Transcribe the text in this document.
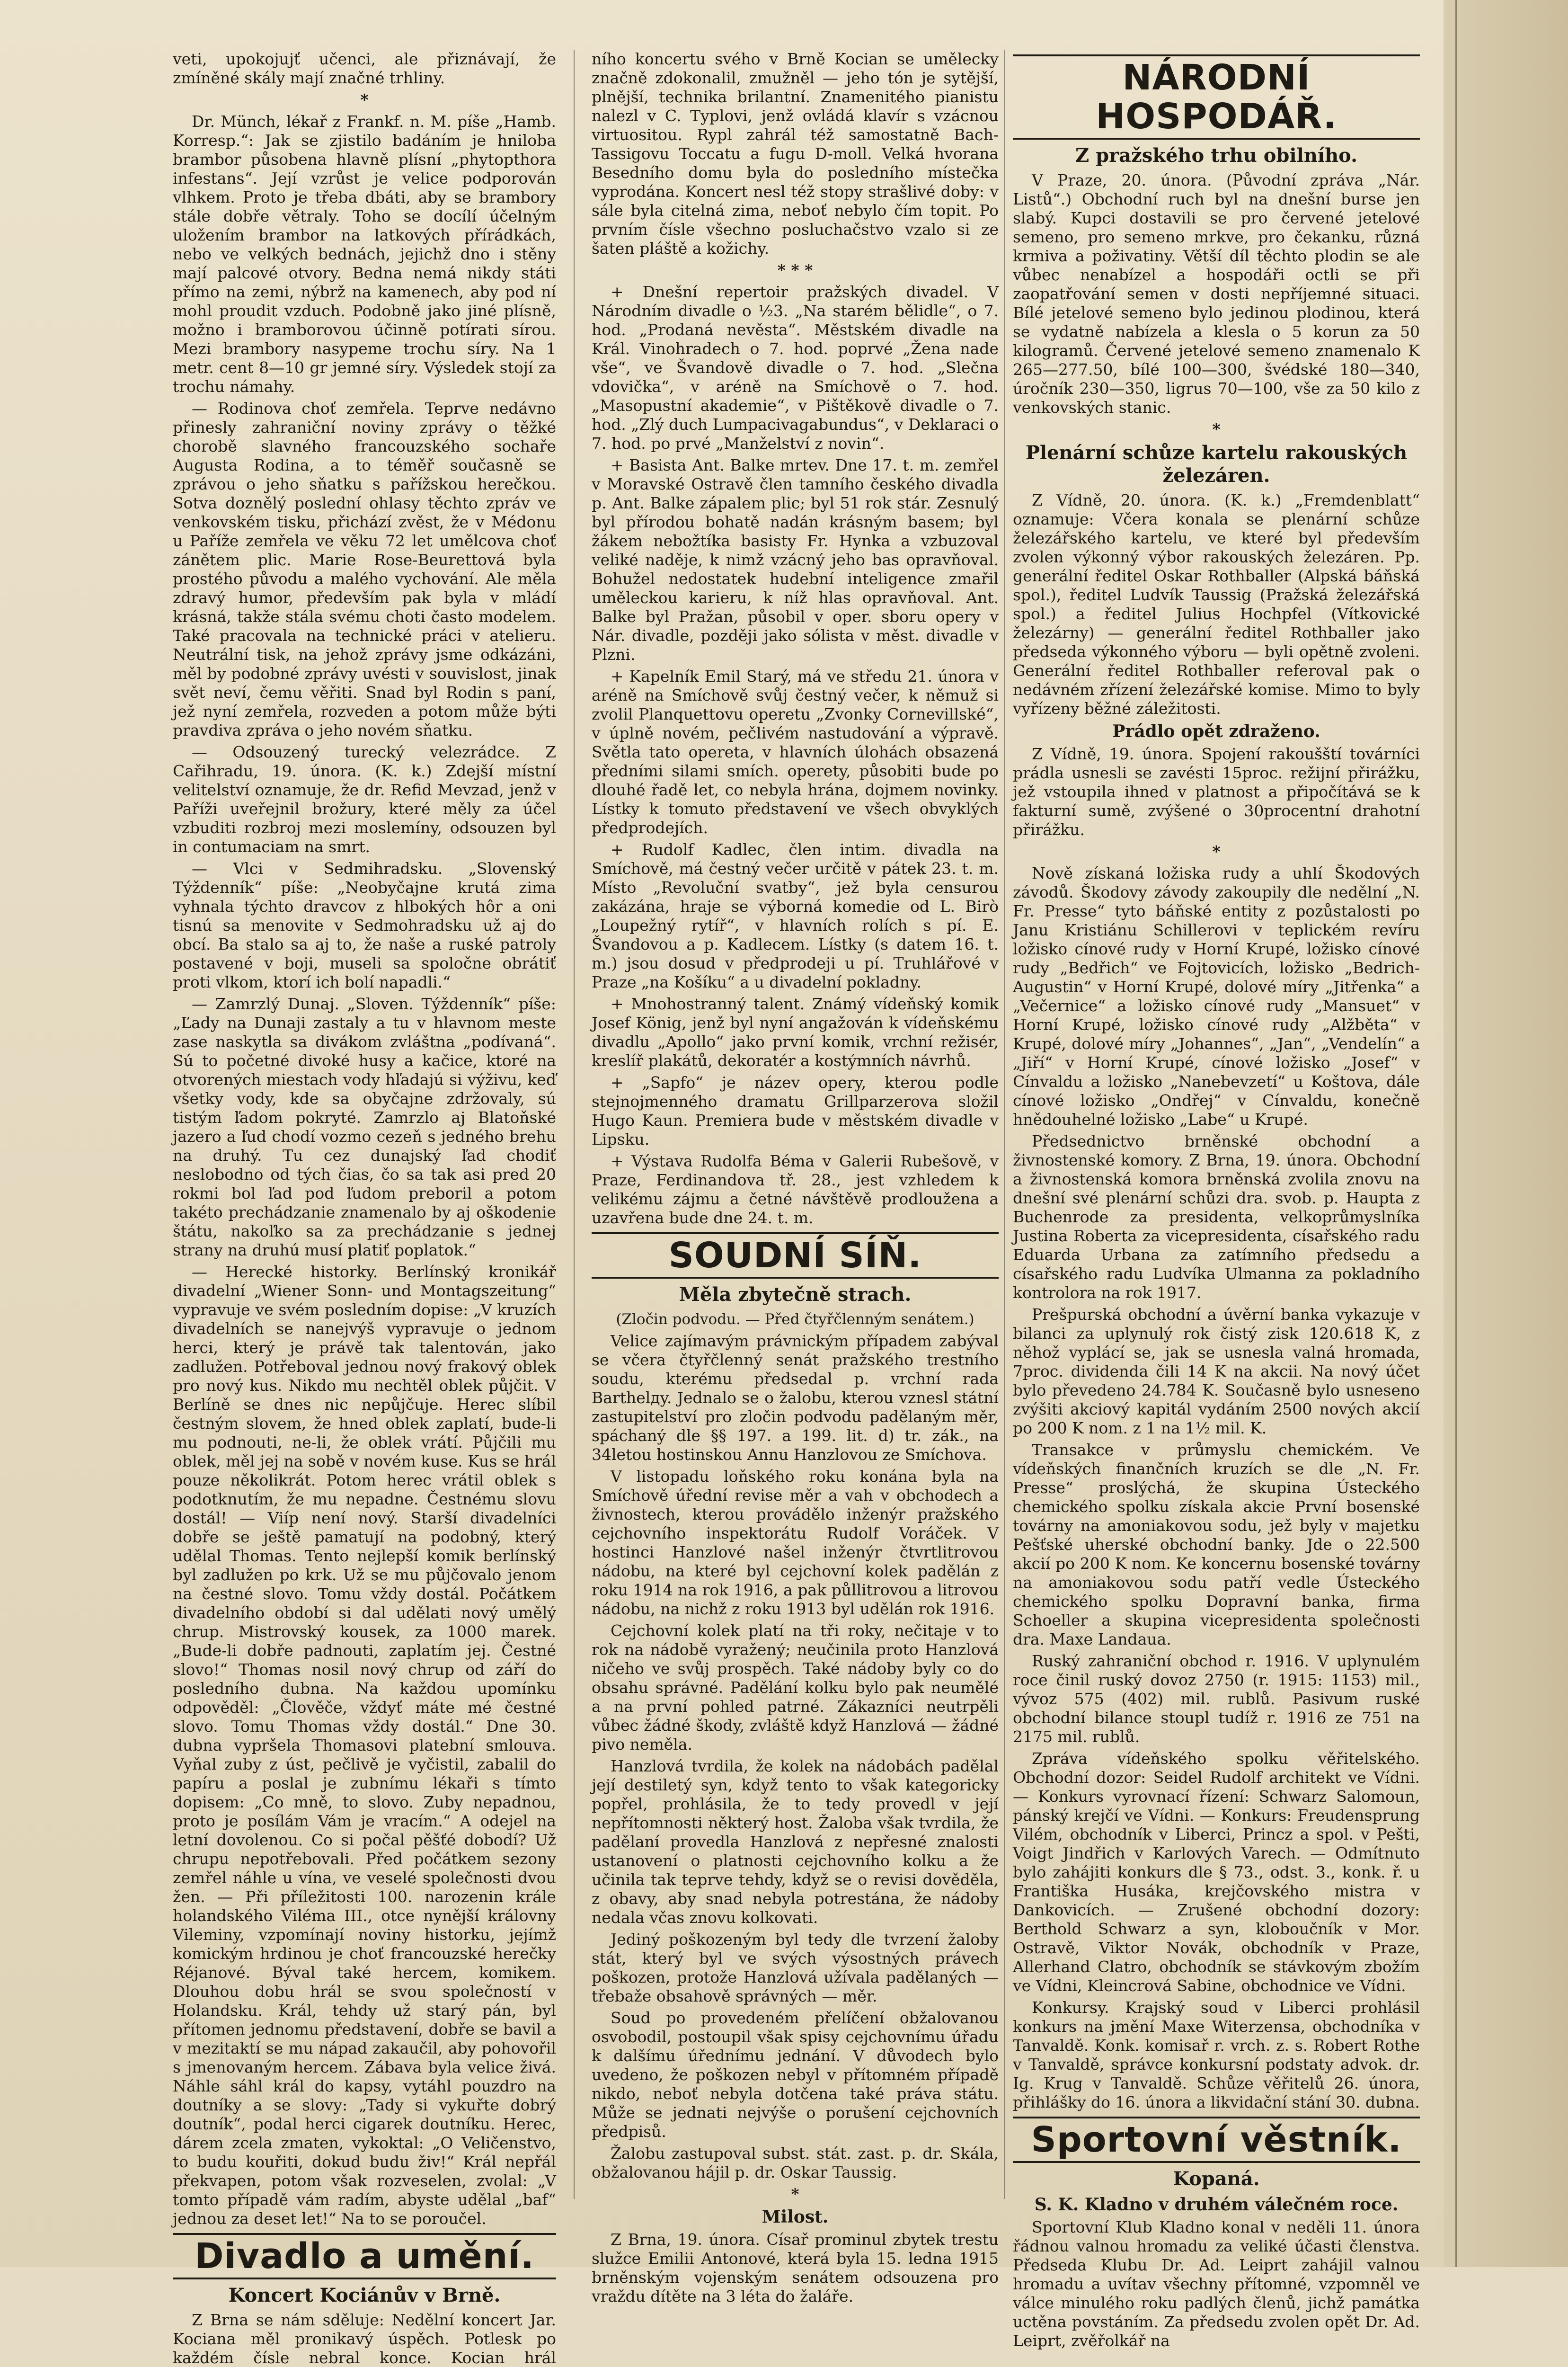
veti, upokojujť učenci, ale přiznávají, že zmíněné skály mají značné trhliny.

*

Dr. Münch, lékař z Frankf. n. M. píše „Hamb. Korresp.“: Jak se zjistilo badáním je hniloba brambor působena hlavně plísní „phytopthora infestans“. Její vzrůst je velice podporován vlhkem. Proto je třeba dbáti, aby se brambory stále dobře větraly. Toho se docílí účelným uložením brambor na latkových přírádkách, nebo ve velkých bednách, jejichž dno i stěny mají palcové otvory. Bedna nemá nikdy státi přímo na zemi, nýbrž na kamenech, aby pod ní mohl proudit vzduch. Podobně jako jiné plísně, možno i bramborovou účinně potírati sírou. Mezi brambory nasypeme trochu síry. Na 1 metr. cent 8—10 gr jemné síry. Výsledek stojí za trochu námahy.

— Rodinova choť zemřela. Teprve nedávno přinesly zahraniční noviny zprávy o těžké chorobě slavného francouzského sochaře Augusta Rodina, a to téměř současně se zprávou o jeho sňatku s pařížskou herečkou. Sotva doznělý poslední ohlasy těchto zpráv ve venkovském tisku, přichází zvěst, že v Médonu u Paříže zemřela ve věku 72 let umělcova choť zánětem plic. Marie Rose-Beurettová byla prostého původu a malého vychování. Ale měla zdravý humor, především pak byla v mládí krásná, takže stála svému choti často modelem. Také pracovala na technické práci v atelieru. Neutrální tisk, na jehož zprávy jsme odkázáni, měl by podobné zprávy uvésti v souvislost, jinak svět neví, čemu věřiti. Snad byl Rodin s paní, jež nyní zemřela, rozveden a potom může býti pravdiva zpráva o jeho novém sňatku.

— Odsouzený turecký velezrádce. Z Cařihradu, 19. února. (K. k.) Zdejší místní velitelství oznamuje, že dr. Refid Mevzad, jenž v Paříži uveřejnil brožury, které měly za účel vzbuditi rozbroj mezi moslemíny, odsouzen byl in contumaciam na smrt.

— Vlci v Sedmihradsku. „Slovenský Týždenník“ píše: „Neobyčajne krutá zima vyhnala týchto dravcov z hlbokých hôr a oni tisnú sa menovite v Sedmohradsku už aj do obcí. Ba stalo sa aj to, že naše a ruské patroly postavené v boji, museli sa spoločne obrátiť proti vlkom, ktorí ich bolí napadli.“

— Zamrzlý Dunaj. „Sloven. Týždenník“ píše: „Ľady na Dunaji zastaly a tu v hlavnom meste zase naskytla sa divákom zvláštna „podívaná“. Sú to početné divoké husy a kačice, ktoré na otvorených miestach vody hľadajú si výživu, keď všetky vody, kde sa obyčajne zdržovaly, sú tistým ľadom pokryté. Zamrzlo aj Blatoňské jazero a ľud chodí vozmo cezeň s jedného brehu na druhý. Tu cez dunajský ľad chodiť neslobodno od tých čias, čo sa tak asi pred 20 rokmi bol ľad pod ľudom preboril a potom takéto prechádzanie znamenalo by aj oškodenie štátu, nakoľko sa za prechádzanie s jednej strany na druhú musí platiť poplatok.“

— Herecké historky. Berlínský kronikář divadelní „Wiener Sonn- und Montagszeitung“ vypravuje ve svém posledním dopise: „V kruzích divadelních se nanejvýš vypravuje o jednom herci, který je právě tak talentován, jako zadlužen. Potřeboval jednou nový frakový oblek pro nový kus. Nikdo mu nechtěl oblek půjčit. V Berlíně se dnes nic nepůjčuje. Herec slíbil čestným slovem, že hned oblek zaplatí, bude-li mu podnouti, ne-li, že oblek vrátí. Půjčili mu oblek, měl jej na sobě v novém kuse. Kus se hrál pouze několikrát. Potom herec vrátil oblek s podotknutím, že mu nepadne. Čestnému slovu dostál! — Viíp není nový. Starší divadelníci dobře se ještě pamatují na podobný, který udělal Thomas. Tento nejlepší komik berlínský byl zadlužen po krk. Už se mu půjčovalo jenom na čestné slovo. Tomu vždy dostál. Počátkem divadelního období si dal udělati nový umělý chrup. Mistrovský kousek, za 1000 marek. „Bude-li dobře padnouti, zaplatím jej. Čestné slovo!“ Thomas nosil nový chrup od září do posledního dubna. Na každou upomínku odpověděl: „Člověče, vždyť máte mé čestné slovo. Tomu Thomas vždy dostál.“ Dne 30. dubna vypršela Thomasovi platební smlouva. Vyňal zuby z úst, pečlivě je vyčistil, zabalil do papíru a poslal je zubnímu lékaři s tímto dopisem: „Co mně, to slovo. Zuby nepadnou, proto je posílám Vám je vracím.“ A odejel na letní dovolenou. Co si počal pěšťé dobodí? Už chrupu nepotřebovali. Před počátkem sezony zemřel náhle u vína, ve veselé společnosti dvou žen. — Při příležitosti 100. narozenin krále holandského Viléma III., otce nynější královny Vileminy, vzpomínají noviny historku, jejímž komickým hrdinou je choť francouzské herečky Réjanové. Býval také hercem, komikem. Dlouhou dobu hrál se svou společností v Holandsku. Král, tehdy už starý pán, byl přítomen jednomu představení, dobře se bavil a v mezitaktí se mu nápad zakaučil, aby pohovořil s jmenovaným hercem. Zábava byla velice živá. Náhle sáhl král do kapsy, vytáhl pouzdro na doutníky a se slovy: „Tady si vykuřte dobrý doutník“, podal herci cigarek doutníku. Herec, dárem zcela zmaten, vykoktal: „O Veličenstvo, to budu kouřiti, dokud budu živ!“ Král nepřál překvapen, potom však rozveselen, zvolal: „V tomto případě vám radím, abyste udělal „baf“ jednou za deset let!“ Na to se poroučel.

Divadlo a umění.
Koncert Kociánův v Brně.

Z Brna se nám sděluje: Nedělní koncert Jar. Kociana měl pronikavý úspěch. Potlesk po každém čísle nebral konce. Kocian hrál

ního koncertu svého v Brně Kocian se umělecky značně zdokonalil, zmužněl — jeho tón je sytější, plnější, technika brilantní. Znamenitého pianistu nalezl v C. Typlovi, jenž ovládá klavír s vzácnou virtuositou. Rypl zahrál též samostatně Bach-Tassigovu Toccatu a fugu D-moll. Velká hvorana Besedního domu byla do posledního místečka vyprodána. Koncert nesl též stopy strašlivé doby: v sále byla citelná zima, neboť nebylo čím topit. Po prvním čísle všechno posluchačstvo vzalo si ze šaten pláště a kožichy.

* * *

+ Dnešní repertoir pražských divadel. V Národním divadle o ½3. „Na starém bělidle“, o 7. hod. „Prodaná nevěsta“. Městském divadle na Král. Vinohradech o 7. hod. poprvé „Žena nade vše“, ve Švandově divadle o 7. hod. „Slečna vdovička“, v aréně na Smíchově o 7. hod. „Masopustní akademie“, v Pištěkově divadle o 7. hod. „Zlý duch Lumpacivagabundus“, v Deklaraci o 7. hod. po prvé „Manželství z novin“.

+ Basista Ant. Balke mrtev. Dne 17. t. m. zemřel v Moravské Ostravě člen tamního českého divadla p. Ant. Balke zápalem plic; byl 51 rok stár. Zesnulý byl přírodou bohatě nadán krásným basem; byl žákem nebožtíka basisty Fr. Hynka a vzbuzoval veliké naděje, k nimž vzácný jeho bas opravňoval. Bohužel nedostatek hudební inteligence zmařil uměleckou karieru, k níž hlas opravňoval. Ant. Balke byl Pražan, působil v oper. sboru opery v Nár. divadle, později jako sólista v měst. divadle v Plzni.

+ Kapelník Emil Starý, má ve středu 21. února v aréně na Smíchově svůj čestný večer, k němuž si zvolil Planquettovu operetu „Zvonky Cornevillské“, v úplně novém, pečlivém nastudování a výpravě. Světla tato opereta, v hlavních úlohách obsazená předními silami smích. operety, působiti bude po dlouhé řadě let, co nebyla hrána, dojmem novinky. Lístky k tomuto představení ve všech obvyklých předprodejích.

+ Rudolf Kadlec, člen intim. divadla na Smíchově, má čestný večer určitě v pátek 23. t. m. Místo „Revoluční svatby“, jež byla censurou zakázána, hraje se výborná komedie od L. Birò „Loupežný rytíř“, v hlavních rolích s pí. E. Švandovou a p. Kadlecem. Lístky (s datem 16. t. m.) jsou dosud v předprodeji u pí. Truhlářové v Praze „na Košíku“ a u divadelní pokladny.

+ Mnohostranný talent. Známý vídeňský komik Josef König, jenž byl nyní angažován k vídeňskému divadlu „Apollo“ jako první komik, vrchní režisér, kreslíř plakátů, dekoratér a kostýmních návrhů.

+ „Sapfo“ je název opery, kterou podle stejnojmenného dramatu Grillparzerova složil Hugo Kaun. Premiera bude v městském divadle v Lipsku.

+ Výstava Rudolfa Béma v Galerii Rubešově, v Praze, Ferdinandova tř. 28., jest vzhledem k velikému zájmu a četné návštěvě prodloužena a uzavřena bude dne 24. t. m.

SOUDNÍ SÍŇ.
Měla zbytečně strach.
(Zločin podvodu. — Před čtyřčlenným senátem.)

Velice zajímavým právnickým případem zabýval se včera čtyřčlenný senát pražského trestního soudu, kterému předsedal p. vrchní rada Barthelдy. Jednalo se o žalobu, kterou vznesl státní zastupitelství pro zločin podvodu padělaným měr, spáchaný dle §§ 197. a 199. lit. d) tr. zák., na 34letou hostinskou Annu Hanzlovou ze Smíchova.

V listopadu loňského roku konána byla na Smíchově úřední revise měr a vah v obchodech a živnostech, kterou provádělo inženýr pražského cejchovního inspektorátu Rudolf Voráček. V hostinci Hanzlové našel inženýr čtvrtlitrovou nádobu, na které byl cejchovní kolek padělán z roku 1914 na rok 1916, a pak půllitrovou a litrovou nádobu, na nichž z roku 1913 byl udělán rok 1916.

Cejchovní kolek platí na tři roky, nečitaje v to rok na nádobě vyražený; neučinila proto Hanzlová ničeho ve svůj prospěch. Také nádoby byly co do obsahu správné. Padělání kolku bylo pak neumělé a na první pohled patrné. Zákazníci neutrpěli vůbec žádné škody, zvláště když Hanzlová — žádné pivo neměla.

Hanzlová tvrdila, že kolek na nádobách padělal její destiletý syn, když tento to však kategoricky popřel, prohlásila, že to tedy provedl v její nepřítomnosti některý host. Žaloba však tvrdila, že padělaní provedla Hanzlová z nepřesné znalosti ustanovení o platnosti cejchovního kolku a že učinila tak teprve tehdy, když se o revisi dověděla, z obavy, aby snad nebyla potrestána, že nádoby nedala včas znovu kolkovati.

Jediný poškozeným byl tedy dle tvrzení žaloby stát, který byl ve svých výsostných právech poškozen, protože Hanzlová užívala padělaných — třebaže obsahově správných — měr.

Soud po provedeném přelíčení obžalovanou osvobodil, postoupil však spisy cejchovnímu úřadu k dalšímu úřednímu jednání. V důvodech bylo uvedeno, že poškozen nebyl v přítomném případě nikdo, neboť nebyla dotčena také práva státu. Může se jednati nejvýše o porušení cejchovních předpisů.

Žalobu zastupoval subst. stát. zast. p. dr. Skála, obžalovanou hájil p. dr. Oskar Taussig.

*
Milost.

Z Brna, 19. února. Císař prominul zbytek trestu služce Emilii Antonové, která byla 15. ledna 1915 brněnským vojenským senátem odsouzena pro vraždu dítěte na 3 léta do žaláře.

NÁRODNÍ HOSPODÁŘ.
Z pražského trhu obilního.

V Praze, 20. února. (Původní zpráva „Nár. Listů“.) Obchodní ruch byl na dnešní burse jen slabý. Kupci dostavili se pro červené jetelové semeno, pro semeno mrkve, pro čekanku, různá krmiva a poživatiny. Větší díl těchto plodin se ale vůbec nenabízel a hospodáři octli se při zaopatřování semen v dosti nepříjemné situaci. Bílé jetelové semeno bylo jedinou plodinou, která se vydatně nabízela a klesla o 5 korun za 50 kilogramů. Červené jetelové semeno znamenalo K 265—277.50, bílé 100—300, švédské 180—340, úročník 230—350, ligrus 70—100, vše za 50 kilo z venkovských stanic.

*
Plenární schůze kartelu rakouských železáren.

Z Vídně, 20. února. (K. k.) „Fremdenblatt“ oznamuje: Včera konala se plenární schůze železářského kartelu, ve které byl především zvolen výkonný výbor rakouských železáren. Pp. generální ředitel Oskar Rothballer (Alpská báňská spol.), ředitel Ludvík Taussig (Pražská železářská spol.) a ředitel Julius Hochpfel (Vítkovické železárny) — generální ředitel Rothballer jako předseda výkonného výboru — byli opětně zvoleni. Generální ředitel Rothballer referoval pak o nedávném zřízení železářské komise. Mimo to byly vyřízeny běžné záležitosti.

Prádlo opět zdraženo.

Z Vídně, 19. února. Spojení rakoušští továrníci prádla usnesli se zavésti 15proc. režijní přirážku, jež vstoupila ihned v platnost a připočítává se k fakturní sumě, zvýšené o 30procentní drahotní přirážku.

*

Nově získaná ložiska rudy a uhlí Škodových závodů. Škodovy závody zakoupily dle nedělní „N. Fr. Presse“ tyto báňské entity z pozůstalosti po Janu Kristiánu Schillerovi v teplickém revíru ložisko cínové rudy v Horní Krupé, ložisko cínové rudy „Bedřich“ ve Fojtovicích, ložisko „Bedrich-Augustin“ v Horní Krupé, dolové míry „Jitřenka“ a „Večernice“ a ložisko cínové rudy „Mansuet“ v Horní Krupé, ložisko cínové rudy „Alžběta“ v Krupé, dolové míry „Johannes“, „Jan“, „Vendelín“ a „Jiří“ v Horní Krupé, cínové ložisko „Josef“ v Cínvaldu a ložisko „Nanebevzetí“ u Koštova, dále cínové ložisko „Ondřej“ v Cínvaldu, konečně hnědouhelné ložisko „Labe“ u Krupé.

Předsednictvo brněnské obchodní a živnostenské komory. Z Brna, 19. února. Obchodní a živnostenská komora brněnská zvolila znovu na dnešní své plenární schůzi dra. svob. p. Haupta z Buchenrode za presidenta, velkoprůmyslníka Justina Roberta za vicepresidenta, císařského radu Eduarda Urbana za zatímního předsedu a císařského radu Ludvíka Ulmanna za pokladního kontrolora na rok 1917.

Prešpurská obchodní a úvěrní banka vykazuje v bilanci za uplynulý rok čistý zisk 120.618 K, z něhož vyplácí se, jak se usnesla valná hromada, 7proc. dividenda čili 14 K na akcii. Na nový účet bylo převedeno 24.784 K. Současně bylo usneseno zvýšiti akciový kapitál vydáním 2500 nových akcií po 200 K nom. z 1 na 1½ mil. K.

Transakce v průmyslu chemickém. Ve vídeňských finančních kruzích se dle „N. Fr. Presse“ proslýchá, že skupina Ústeckého chemického spolku získala akcie První bosenské továrny na amoniakovou sodu, jež byly v majetku Pešťské uherské obchodní banky. Jde o 22.500 akcií po 200 K nom. Ke koncernu bosenské továrny na amoniakovou sodu patří vedle Ústeckého chemického spolku Dopravní banka, firma Schoeller a skupina vicepresidenta společnosti dra. Maxe Landaua.

Ruský zahraniční obchod r. 1916. V uplynulém roce činil ruský dovoz 2750 (r. 1915: 1153) mil., vývoz 575 (402) mil. rublů. Pasivum ruské obchodní bilance stoupl tudíž r. 1916 ze 751 na 2175 mil. rublů.

Zpráva vídeňského spolku věřitelského. Obchodní dozor: Seidel Rudolf architekt ve Vídni. — Konkurs vyrovnací řízení: Schwarz Salomoun, pánský krejčí ve Vídni. — Konkurs: Freudensprung Vilém, obchodník v Liberci, Princz a spol. v Pešti, Voigt Jindřich v Karlových Varech. — Odmítnuto bylo zahájiti konkurs dle § 73., odst. 3., konk. ř. u Františka Husáka, krejčovského mistra v Dankovicích. — Zrušené obchodní dozory: Berthold Schwarz a syn, kloboučník v Mor. Ostravě, Viktor Novák, obchodník v Praze, Allerhand Clatro, obchodník se stávkovým zbožím ve Vídni, Kleincrová Sabine, obchodnice ve Vídni.

Konkursy. Krajský soud v Liberci prohlásil konkurs na jmění Maxe Witerzensa, obchodníka v Tanvaldě. Konk. komisař r. vrch. z. s. Robert Rothe v Tanvaldě, správce konkursní podstaty advok. dr. Ig. Krug v Tanvaldě. Schůze věřitelů 26. února, přihlášky do 16. února a likvidační stání 30. dubna.

Sportovní věstník.
Kopaná.
S. K. Kladno v druhém válečném roce.

Sportovní Klub Kladno konal v neděli 11. února řádnou valnou hromadu za veliké účasti členstva. Předseda Klubu Dr. Ad. Leiprt zahájil valnou hromadu a uvítav všechny přítomné, vzpomněl ve válce minulého roku padlých členů, jichž památka uctěna povstáním. Za předsedu zvolen opět Dr. Ad. Leiprt, zvěřolkář na
